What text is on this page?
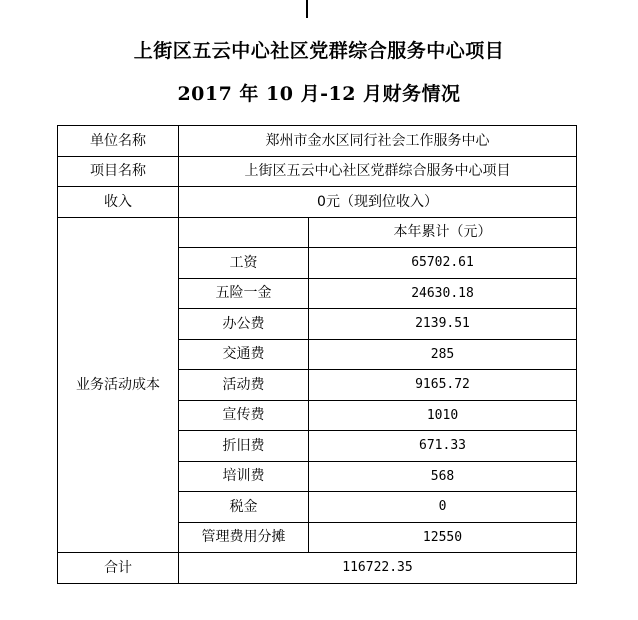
上街区五云中心社区党群综合服务中心项目
2017 年 10 月-12 月财务情况
单位名称	郑州市金水区同行社会工作服务中心	
项目名称	上街区五云中心社区党群综合服务中心项目	
收入	0元（现到位收入）	
业务活动成本		本年累计（元）
	工资	65702.61
	五险一金	24630.18
	办公费	2139.51
	交通费	285
	活动费	9165.72
	宣传费	1010
	折旧费	671.33
	培训费	568
	税金	0
	管理费用分摊	12550
合计	116722.35	
